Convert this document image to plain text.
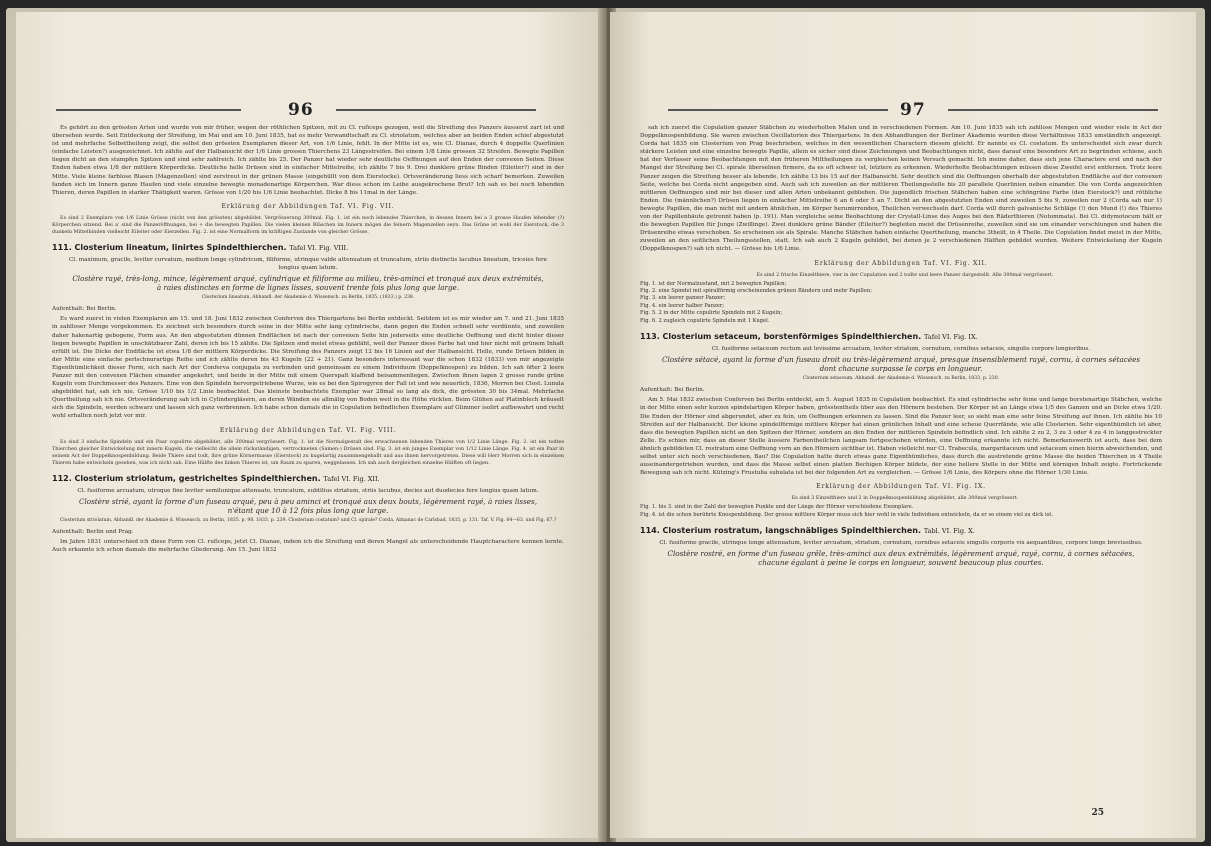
96

Es gehört zu den grössten Arten und wurde von mir früher, wegen der röthlichen Spitzen, mit zu Cl. rufìceps gezogen, weil die Streifung des Panzers äusserst zart ist und übersehen wurde. Seit Entdeckung der Streifung, im Mai und am 10. Juni 1835, hat es mehr Verwandtschaft zu Cl. striolatum, welches aber an beiden Enden schief abgestutzt ist und mehrfache Selbsttheilung zeigt, die selbst den grössten Exemplaren dieser Art, von 1/6 Linie, fehlt. In der Mitte ist es, wie Cl. Dianae, durch 4 doppelte Querlinien (einfache Leisten?) ausgezeichnet. Ich zählte auf der Halbansicht der 1/6 Linie grossen Thierchens 23 Längsstreifen. Bei einem 1/8 Linie grossen 32 Streifen. Bewegte Papillen liegen dicht an den stumpfen Spitzen und sind sehr zahlreich. Ich zählte bis 25. Der Panzer hat wieder sehr deutliche Oeffnungen auf den Enden der convexen Seiten. Diese Enden haben etwa 1/8 der mittlern Körperdicke. Deutliche helle Drüsen sind in einfacher Mittelreihe, ich zählte 7 bis 9. Drei dunklere grüne Binden (Eileiter?) sind in der Mitte. Viele kleine farblose Blasen (Magenzellen) sind zerstreut in der grünen Masse (eingehüllt von dem Eierstocke). Ortsveränderung liess sich scharf bemerken. Zuweilen fanden sich im Innern ganze Haufen und viele einzelne bewegte monadenartige Körperchen. War diess schon im Leibe ausgekrochene Brut? Ich sah es bei noch lebenden Thieren, deren Papillen in starker Thätigkeit waren. Grösse von 1/20 bis 1/6 Linie beobachtet. Dicke 8 bis 11mal in der Länge.

Erklärung der Abbildungen Taf. VI. Fig. VII.

Es sind 2 Exemplare von 1/6 Linie Grösse (nicht von den grössten) abgebildet. Vergrösserung 300mal. Fig. 1. ist ein noch lebendes Thierchen, in dessen Innern bei a 3 grosse Haufen lebender (?) Körperchen sitzend. Bei a' sind die Panzeröffnungen, bei + die bewegten Papillen. Die vielen kleinen Bläschen im Innern mögen die feinern Magenzellen seyn. Das Grüne ist wohl der Eierstock, die 3 dunkeln Mittelbinden vielleicht Eileiter oder Eierzellen. Fig. 2. ist eine Normalform im kräftigen Zustande von gleicher Grösse.

111. Closterium lineatum, linirtes Spindelthierchen. Tafel VI. Fig. VIII.
Cl. maximum, gracile, leviter curvatum, medium longe cylindricum, filiforme, utrinque valde attenuatum et truncatum, striis distinctis lacubus lineatum, triceies fere longius quam latum.
Clostère rayé, très-long, mince, légèrement arqué, cylindrique et filiforme au milieu, très-aminci et tronqué aux deux extrémités, à raies distinctes en forme de lignes lisses, souvent trente fois plus long que large.
Closterium lineatum, Abhandl. der Akademie d. Wissensch. zu Berlin, 1835. (1833.) p. 238.
Aufenthalt: Bei Berlin.

Es ward zuerst in vielen Exemplaren am 15. und 18. Juni 1832 zwischen Conferven des Thiergartens bei Berlin entdeckt. Seitdem ist es mir wieder am 7. und 21. Juni 1835 in zahlloser Menge vorgekommen. Es zeichnet sich besonders durch seine in der Mitte sehr lang cylindrische, dann gegen die Enden schnell sehr verdünnte, und zuweilen daher hakenartig gebogene, Form aus. An den abgestutzten dünnen Endflächen ist nach der convexen Seite hin jederseits eine deutliche Oeffnung und dicht hinter dieser liegen bewegte Papillen in unschätzbarer Zahl, deren ich bis 15 zählte. Die Spitzen sind meist etwas gebläht, weil der Panzer diese Farbe hat und hier nicht mit grünem Inhalt erfüllt ist. Die Dicke der Endfläche ist etwa 1/8 der mittlern Körperdicke. Die Streifung des Panzers zeigt 12 bis 16 Linien auf der Halbansicht. Helle, runde Drüsen bilden in der Mitte eine einfache perlschnurartige Reihe und ich zählte deren bis 43 Kugeln (22 + 21). Ganz besonders interessant war die schon 1832 (1833) von mir angezeigte Eigenthümlichkeit dieser Form, sich nach Art der Conferva conjugata zu verbinden und gemeinsam zu einem Individuum (Doppelknospen) zu bilden. Ich sah öfter 2 leere Panzer mit den convexen Flächen einander angekehrt, und beide in der Mitte mit einem Querspalt klaffend beisammenliegen. Zwischen ihnen lagen 2 grosse runde grüne Kugeln vom Durchmesser des Panzers. Eine von den Spindeln hervorgetriebene Wurze, wie es bei den Spirogyren der Fall ist und wie neuerlich, 1836, Morren bei Clost. Lunula abgebildet hat, sah ich nie. Grösse 1/10 bis 1/2 Linie beobachtet. Das kleinste beobachtete Exemplar war 28mal so lang als dick, die grössten 30 bis 34mal. Mehrfache Quertheilung sah ich nie. Ortsveränderung sah ich in Cylindergläsern, an deren Wänden sie allmälig von Boden weit in die Höhe rückten. Beim Glühen auf Platinblech kräuselt sich die Spindeln, werden schwarz und lassen sich ganz verbrennen. Ich habe schon damals die in Copulation befindlichen Exemplare auf Glimmer isolirt aufbewahrt und recht wohl erhalten noch jetzt vor mir.

Erklärung der Abbildungen Taf. VI. Fig. VIII.

Es sind 3 einfache Spindeln und ein Paar copulirte abgebildet, alle 300mal vergrössert. Fig. 1. ist die Normalgestalt des erwachsenen lebenden Thieres von 1/2 Linie Länge. Fig. 2. ist ein todtes Thierchen gleicher Entwickelung mit innern Kugeln, die vielleicht die allein rückständigen, vertrockneten (Samen-) Drüsen sind. Fig. 3. ist ein junges Exemplar von 1/12 Linie Länge. Fig. 4. ist ein Paar in seinem Act der Doppelknospenbildung. Beide Thiere sind todt, ihre grüne Körnermasse (Eierstock) zu kugelartig zusammengeballt und aus ihnen hervorgetreten. Diese will Herr Morren sich in einzelnen Thieren habe entwickeln gesehen, was ich nicht sah. Eine Hälfte des linken Thieres ist, um Raum zu sparen, weggelassen. Ich sah auch dergleichen einzelne Hälften oft liegen.

112. Closterium striolatum, gestricheltes Spindelthierchen. Tafel VI. Fig. XII.
Cl. fusiforme arcuatum, utroque fine leviter semilunique attenuato, truncatum, subtilius striatum, striis lacubus, decies aut duodecies fere longius quam latum.
Clostère strié, ayant la forme d'un fuseau arqué, peu à peu aminci et tronqué aux deux bouts, légèrement rayé, à raies lisses, n'étant que 10 à 12 fois plus long que large.
Closterium striolatum, Abhandl. der Akademie d. Wissensch. zu Berlin, 1835. p. 98. 1833. p. 239. Closterium costatum? und Cl. spirale? Corda, Almanac de Carlsbad, 1835. p. 131. Taf. V. Fig. 64—63. und Fig. 67.?
Aufenthalt: Berlin und Prag.

Im Jahre 1831 unterschied ich diese Form von Cl. rufìceps, jetzt Cl. Dianae, indem ich die Streifung und deren Mangel als unterscheidende Hauptcharactere kennen lernte. Auch erkannte ich schon damals die mehrfache Gliederung. Am 15. Juni 1832

97

sah ich zuerst die Copulation ganzer Stäbchen zu wiederholten Malen und in verschiedenen Formen. Am 10. Juni 1835 sah ich zahllose Mengen und wieder viele in Act der Doppelknospenbildung. Sie waren zwischen Oscillatorien des Thiergartens. In den Abhandlungen der Berliner Akademie wurden diese Verhältnisse 1833 umständlich angezeigt. Corda hat 1835 ein Closterium von Prag beschrieben, welches in den wesentlichen Charactern diesem gleicht. Er nannte es Cl. costatum. Es unterscheidet sich zwar durch stärkere Leisten und eine einzelne bewegte Papille, allein es sicher sind diese Zeichnungen und Beobachtungen nicht, dass darauf eine besondere Art zu begründen schiene, auch hat der Verfasser seine Beobachtungen mit den früheren Mittheilungen zu vergleichen keinen Versuch gemacht. Ich meine daher, dass sich jene Charactere erst und nach der Mangel der Streifung bei Cl. spirale überselnen firmere, da es oft schwer ist, letztere zu erkennen. Wiederholte Beobachtungen müssen diese Zweifel erst entfernen. Trotz leere Panzer zeigen die Streifung besser als lebende. Ich zählte 13 bis 15 auf der Halbansicht. Sehr deutlich sind die Oeffnungen oberhalb der abgestutzten Endfläche auf der convexen Seite, welche bei Corda nicht angegeben sind. Auch sah ich zuweilen an der mittleren Theilungsstelle bis 20 parallele Querlinien neben einander. Die von Corda angezeichten mittleren Oeffnungen sind mir bei dieser und allen Arten unbekannt geblieben. Die jugendlich frischen Stäbchen haben eine schöngrüne Farbe (den Eierstock?) und röthliche Enden. Die (männlichen?) Drüsen liegen in einfacher Mittelreihe 6 an 6 oder 5 an 7. Dicht an den abgestutzten Enden sind zuweilen 5 bis 9, zuweilen nur 2 (Corda sah nur 1) bewegte Papillen, die man nicht mit andern ähnlichen, im Körper herumirrenden, Theilchen verwechseln darf. Corda will durch galvanische Schläge (!) den Mund (!) des Thieres von der Papillenhäute getrennt haben (p. 191). Man vergleiche seine Beobachtung der Crystall-Linse des Auges bei den Räderthieren (Notommata). Bei Cl. didymotocum hält er die bewegten Papillen für Junge (Zwillinge). Zwei dunklere grüne Bänder (Eileiter?) begleiten meist die Drüsenreihe, zuweilen sind sie um einander verschlungen und haben die Drüsenreihe etwas verschoben. So erscheinen sie als Spirale. Manche Stäbchen haben einfache Quertheilung, manche 3theilt, in 4 Theile. Die Copulation findet meist in der Mitte, zuweilen an den seitlichen Theilungsstellen, statt. Ich sah auch 2 Kugeln gebildet, bei denen je 2 verschiedenen Hälften gebildet wurden. Weitere Entwickelung der Kugeln (Doppelknospen?) sah ich nicht. — Grösse bis 1/6 Linie.

Erklärung der Abbildungen Taf. VI. Fig. XII.

Es sind 2 frische Einzelthiere, vier in der Copulation und 2 todte und leere Panzer dargestellt. Alle 300mal vergrössert.

Fig. 1. ist der Normalzustand, mit 2 bewegten Papillen;
Fig. 2. eine Spindel mit spiralförmig erscheinenden grünen Bändern und mehr Papillen;
Fig. 3. ein leerer ganzer Panzer;
Fig. 4. ein leerer halber Panzer;
Fig. 5. 2 in der Mitte copulirte Spindeln mit 2 Kugeln;
Fig. 6. 2 zugleich copulirte Spindeln mit 1 Kugel.
113. Closterium setaceum, borstenförmiges Spindelthierchen. Tafel VI. Fig. IX.
Cl. fusiforme setaceum rectum aut levissime arcuatum, leviter striatum, cornutum, cornibus setaceis, singulis corpore longioribus.
Clostère sétacé, ayant la forme d'un fuseau droit ou très-légèrement arqué, presque insensiblement rayé, cornu, à cornes sétacées dont chacune surpasse le corps en longueur.
Closterium setaceum, Abhandl. der Akademie d. Wissensch. zu Berlin, 1833. p. 230.
Aufenthalt: Bei Berlin.

Am 5. Mai 1832 zwischen Conferven bei Berlin entdeckt, am 5. August 1835 in Copulation beobachtet. Es sind cylindrische sehr feine und lange borstenartige Stäbchen, welche in der Mitte einen sehr kurzen spindelartigen Körper haben, grösstentheils über aus den Hörnern bestehen. Der Körper ist an Länge etwa 1/5 des Ganzen und an Dicke etwa 1/20. Die Enden der Hörner sind abgerundet, aber zu fein, um Oeffnungen erkennen zu lassen. Sind die Panzer leer, so sieht man eine sehr feine Streifung auf ihnen. Ich zählte bis 10 Streifen auf der Halbansicht. Der kleine spindelförmige mittlere Körper hat einen grünlichen Inhalt und eine scheue Querrfände, wie alle Closterien. Sehr eigenthümlich ist aber, dass die bewegten Papillen nicht an den Spitzen der Hörner, sondern an den Enden der mittleren Spindeln befindlich sind. Ich zählte 2 zu 2, 3 zu 3 oder 4 zu 4 in langgestreckter Zelle. Es schien mir, dass an dieser Stelle äussere Farbentheilchen langsam fortgeschoben würden, eine Oeffnung erkannte ich nicht. Bemerkenswerth ist auch, dass bei dem ähnlich gebildeten Cl. rostratum eine Oeffnung vorn an den Hörnern sichtbar ist. Haben vielleicht nur Cl. Trabecula, margaritaceum und setaceum einen hierin abweichenden, und selbst unter sich noch verschiedenen, Bau? Die Copulation hatte durch etwas ganz Eigenthümliches, dass durch die austretende grüne Masse die beiden Thierchen in 4 Theile auseinandergetrieben wurden, und dass die Masse selbst einen platten Bechigen Körper bildete, der eine hellere Stelle in der Mitte und körnigen Inhalt zeigte. Fortrückende Bewegung sah ich nicht. Kützing's Frustulia subulata ist bei der folgenden Art zu vergleichen. — Grösse 1/6 Linie, des Körpers ohne die Hörner 1/30 Linie.

Erklärung der Abbildungen Taf. VI. Fig. IX.

Es sind 3 Einzelthiere und 2 in Doppelknospenbildung abgebildet, alle 300mal vergrössert.

Fig. 1. bis 3. sind in der Zahl der bewegten Punkte und der Länge der Hörner verschiedene Exemplare.
Fig. 4. ist die schon berührte Knospenbildung. Der grosse mittlere Körper muss sich hier wohl in viele Individuen entwickeln, da er so einem viel zu dick ist.
114. Closterium rostratum, langschnäbliges Spindelthierchen. Tabl. VI. Fig. X.
Cl. fusiforme gracile, utrinque longe attenuatum, leviter arcuatum, striatum, cornutum, cornibus setaceis singulis corporis vix aequantibus, corpore longe breviusibus.
Clostère rostré, en forme d'un fuseau grêle, très-aminci aux deux extrémités, légèrement arqué, rayé, cornu, à cornes sétacées, chacune égalant à peine le corps en longueur, souvent beaucoup plus courtes.
25
